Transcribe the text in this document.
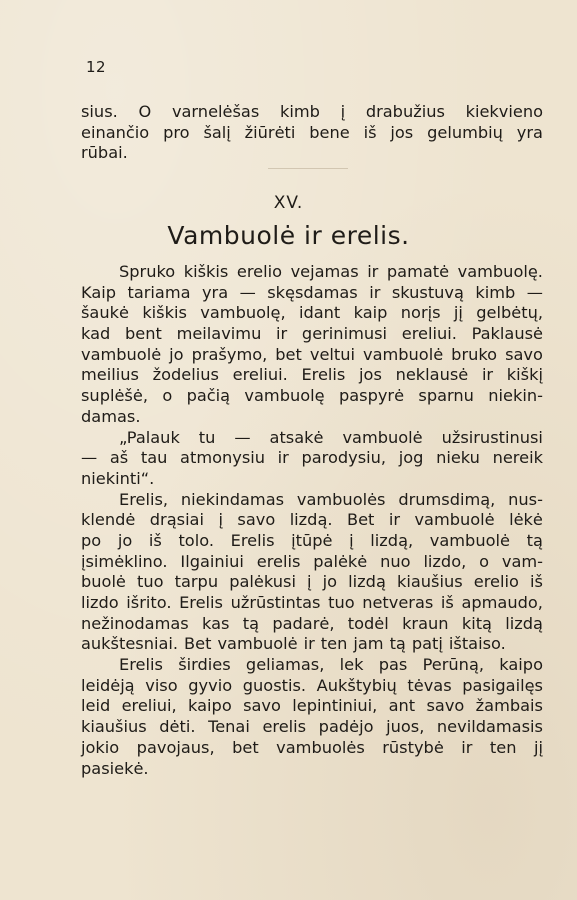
12
sius. O varnelėšas kimb į drabužius kiekvieno
einančio pro šalį žiūrėti bene iš jos gelumbių yra
rūbai.
XV.
Vambuolė ir erelis.
Spruko kiškis erelio vejamas ir pamatė vambuolę.
Kaip tariama yra — skęsdamas ir skustuvą kimb —
šaukė kiškis vambuolę, idant kaip norįs jį gelbėtų,
kad bent meilavimu ir gerinimusi ereliui. Paklausė
vambuolė jo prašymo, bet veltui vambuolė bruko savo
meilius žodelius ereliui. Erelis jos neklausė ir kiškį
suplėšė, o pačią vambuolę paspyrė sparnu niekin-
damas.
„Palauk tu — atsakė vambuolė užsirustinusi
— aš tau atmonysiu ir parodysiu, jog nieku nereik
niekinti“.
Erelis, niekindamas vambuolės drumsdimą, nus-
klendė drąsiai į savo lizdą. Bet ir vambuolė lėkė
po jo iš tolo. Erelis įtūpė į lizdą, vambuolė tą
įsimėklino. Ilgainiui erelis palėkė nuo lizdo, o vam-
buolė tuo tarpu palėkusi į jo lizdą kiaušius erelio iš
lizdo išrito. Erelis užrūstintas tuo netveras iš apmaudo,
nežinodamas kas tą padarė, todėl kraun kitą lizdą
aukštesniai. Bet vambuolė ir ten jam tą patį ištaiso.
Erelis širdies geliamas, lek pas Perūną, kaipo
leidėją viso gyvio guostis. Aukštybių tėvas pasigailęs
leid ereliui, kaipo savo lepintiniui, ant savo žambais
kiaušius dėti. Tenai erelis padėjo juos, nevildamasis
jokio pavojaus, bet vambuolės rūstybė ir ten jį
pasiekė.
